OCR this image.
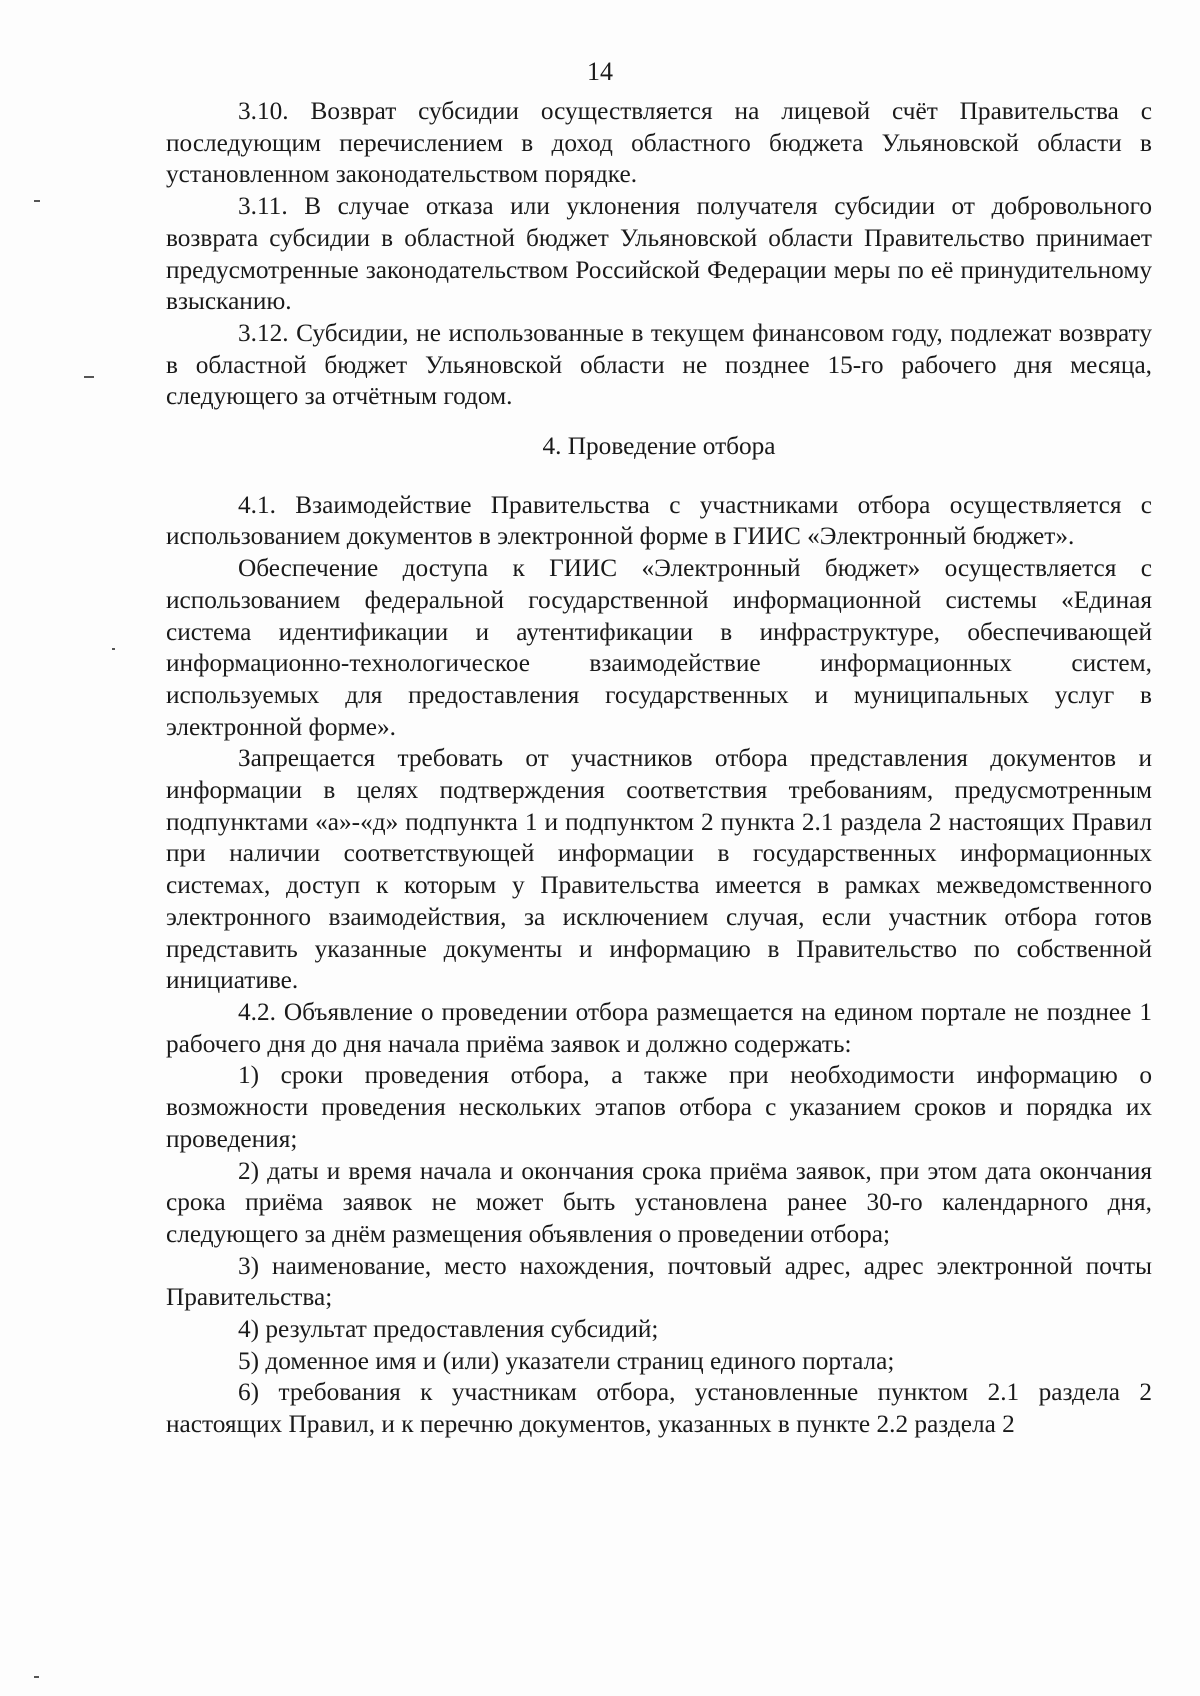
14

3.10. Возврат субсидии осуществляется на лицевой счёт Правительства с последующим перечислением в доход областного бюджета Ульяновской области в установленном законодательством порядке.

3.11. В случае отказа или уклонения получателя субсидии от добровольного возврата субсидии в областной бюджет Ульяновской области Правительство принимает предусмотренные законодательством Российской Федерации меры по её принудительному взысканию.

3.12. Субсидии, не использованные в текущем финансовом году, подлежат возврату в областной бюджет Ульяновской области не позднее 15-го рабочего дня месяца, следующего за отчётным годом.

4. Проведение отбора

4.1. Взаимодействие Правительства с участниками отбора осуществляется с использованием документов в электронной форме в ГИИС «Электронный бюджет».

Обеспечение доступа к ГИИС «Электронный бюджет» осуществляется с использованием федеральной государственной информационной системы «Единая система идентификации и аутентификации в инфраструктуре, обеспечивающей информационно-технологическое взаимодействие информационных систем, используемых для предоставления государственных и муниципальных услуг в электронной форме».

Запрещается требовать от участников отбора представления документов и информации в целях подтверждения соответствия требованиям, предусмотренным подпунктами «а»-«д» подпункта 1 и подпунктом 2 пункта 2.1 раздела 2 настоящих Правил при наличии соответствующей информации в государственных информационных системах, доступ к которым у Правительства имеется в рамках межведомственного электронного взаимодействия, за исключением случая, если участник отбора готов представить указанные документы и информацию в Правительство по собственной инициативе.

4.2. Объявление о проведении отбора размещается на едином портале не позднее 1 рабочего дня до дня начала приёма заявок и должно содержать:

1) сроки проведения отбора, а также при необходимости информацию о возможности проведения нескольких этапов отбора с указанием сроков и порядка их проведения;

2) даты и время начала и окончания срока приёма заявок, при этом дата окончания срока приёма заявок не может быть установлена ранее 30-го календарного дня, следующего за днём размещения объявления о проведении отбора;

3) наименование, место нахождения, почтовый адрес, адрес электронной почты Правительства;

4) результат предоставления субсидий;

5) доменное имя и (или) указатели страниц единого портала;

6) требования к участникам отбора, установленные пунктом 2.1 раздела 2 настоящих Правил, и к перечню документов, указанных в пункте 2.2 раздела 2
